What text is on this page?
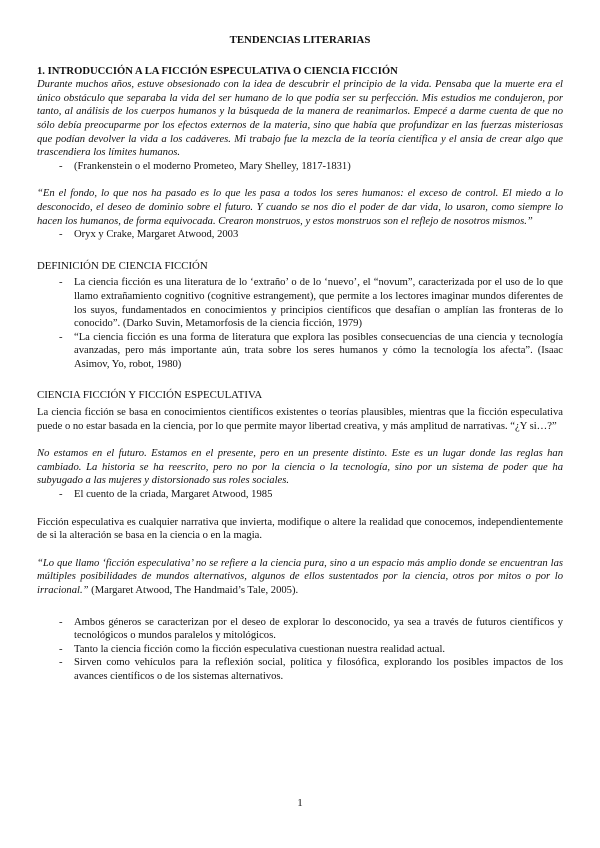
TENDENCIAS LITERARIAS
1. INTRODUCCIÓN A LA FICCIÓN ESPECULATIVA O CIENCIA FICCIÓN

Durante muchos años, estuve obsesionado con la idea de descubrir el principio de la vida. Pensaba que la muerte era el único obstáculo que separaba la vida del ser humano de lo que podía ser su perfección. Mis estudios me condujeron, por tanto, al análisis de los cuerpos humanos y la búsqueda de la manera de reanimarlos. Empecé a darme cuenta de que no sólo debía preocuparme por los efectos externos de la materia, sino que había que profundizar en las fuerzas misteriosas que podían devolver la vida a los cadáveres. Mi trabajo fue la mezcla de la teoría científica y el ansia de crear algo que trascendiera los límites humanos.

- (Frankenstein o el moderno Prometeo, Mary Shelley, 1817-1831)

“En el fondo, lo que nos ha pasado es lo que les pasa a todos los seres humanos: el exceso de control. El miedo a lo desconocido, el deseo de dominio sobre el futuro. Y cuando se nos dio el poder de dar vida, lo usaron, como siempre lo hacen los humanos, de forma equivocada. Crearon monstruos, y estos monstruos son el reflejo de nosotros mismos.”

- Oryx y Crake, Margaret Atwood, 2003
DEFINICIÓN DE CIENCIA FICCIÓN
- La ciencia ficción es una literatura de lo ‘extraño’ o de lo ‘nuevo’, el “novum”, caracterizada por el uso de lo que llamo extrañamiento cognitivo (cognitive estrangement), que permite a los lectores imaginar mundos diferentes de los suyos, fundamentados en conocimientos y principios científicos que desafían o amplían las fronteras de lo conocido”. (Darko Suvin, Metamorfosis de la ciencia ficción, 1979)
- “La ciencia ficción es una forma de literatura que explora las posibles consecuencias de una ciencia y tecnología avanzadas, pero más importante aún, trata sobre los seres humanos y cómo la tecnología los afecta”. (Isaac Asimov, Yo, robot, 1980)
CIENCIA FICCIÓN Y FICCIÓN ESPECULATIVA

La ciencia ficción se basa en conocimientos científicos existentes o teorías plausibles, mientras que la ficción especulativa puede o no estar basada en la ciencia, por lo que permite mayor libertad creativa, y más amplitud de narrativas. “¿Y si…?”

No estamos en el futuro. Estamos en el presente, pero en un presente distinto. Este es un lugar donde las reglas han cambiado. La historia se ha reescrito, pero no por la ciencia o la tecnología, sino por un sistema de poder que ha subyugado a las mujeres y distorsionado sus roles sociales.

- El cuento de la criada, Margaret Atwood, 1985

Ficción especulativa es cualquier narrativa que invierta, modifique o altere la realidad que conocemos, independientemente de si la alteración se basa en la ciencia o en la magia.

“Lo que llamo ‘ficción especulativa’ no se refiere a la ciencia pura, sino a un espacio más amplio donde se encuentran las múltiples posibilidades de mundos alternativos, algunos de ellos sustentados por la ciencia, otros por mitos o por lo irracional.” (Margaret Atwood, The Handmaid’s Tale, 2005).

- Ambos géneros se caracterizan por el deseo de explorar lo desconocido, ya sea a través de futuros científicos y tecnológicos o mundos paralelos y mitológicos.
- Tanto la ciencia ficción como la ficción especulativa cuestionan nuestra realidad actual.
- Sirven como vehículos para la reflexión social, política y filosófica, explorando los posibles impactos de los avances científicos o de los sistemas alternativos.
1
